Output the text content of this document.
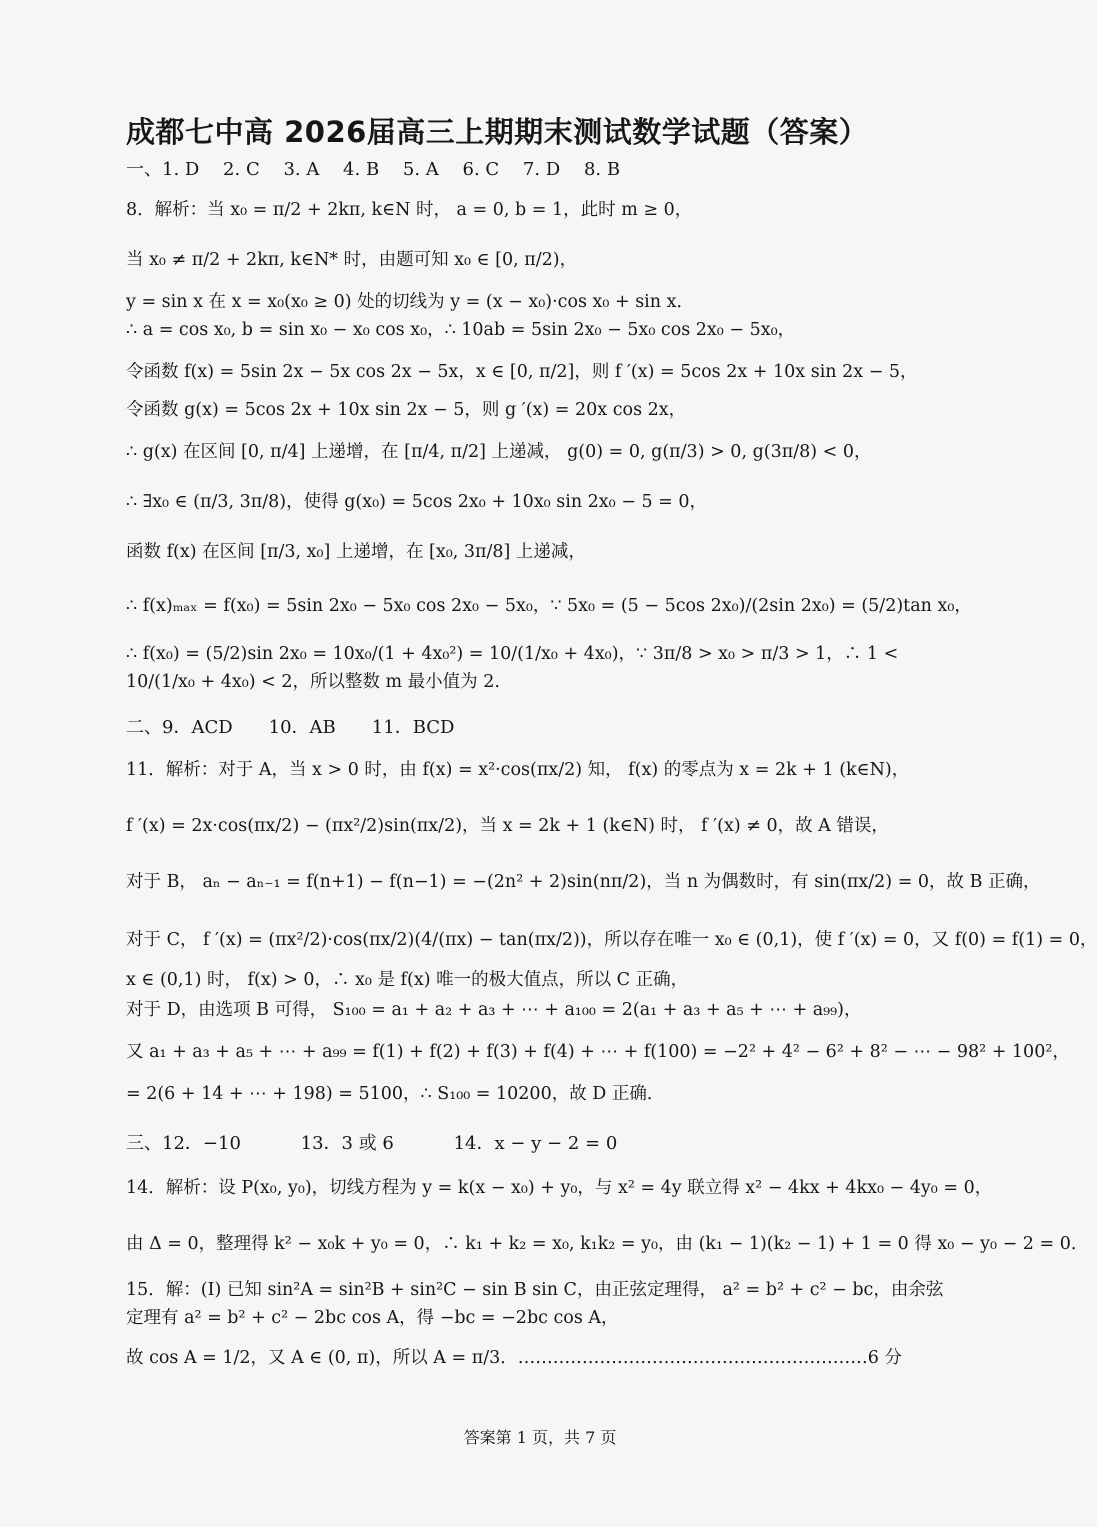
成都七中高 2026届高三上期期末测试数学试题（答案）
一、1. D　 2. C　 3. A　 4. B　 5. A　 6. C　 7. D　 8. B
8．解析：当 x₀ = π/2 + 2kπ, k∈N 时， a = 0, b = 1，此时 m ≥ 0，
当 x₀ ≠ π/2 + 2kπ, k∈N* 时，由题可知 x₀ ∈ [0, π/2)，
y = sin x 在 x = x₀(x₀ ≥ 0) 处的切线为 y = (x − x₀)·cos x₀ + sin x．
∴ a = cos x₀, b = sin x₀ − x₀ cos x₀，∴ 10ab = 5sin 2x₀ − 5x₀ cos 2x₀ − 5x₀，
令函数 f(x) = 5sin 2x − 5x cos 2x − 5x，x ∈ [0, π/2]，则 f ′(x) = 5cos 2x + 10x sin 2x − 5，
令函数 g(x) = 5cos 2x + 10x sin 2x − 5，则 g ′(x) = 20x cos 2x，
∴ g(x) 在区间 [0, π/4] 上递增，在 [π/4, π/2] 上递减， g(0) = 0, g(π/3) > 0, g(3π/8) < 0，
∴ ∃x₀ ∈ (π/3, 3π/8)，使得 g(x₀) = 5cos 2x₀ + 10x₀ sin 2x₀ − 5 = 0，
函数 f(x) 在区间 [π/3, x₀] 上递增，在 [x₀, 3π/8] 上递减，
∴ f(x)ₘₐₓ = f(x₀) = 5sin 2x₀ − 5x₀ cos 2x₀ − 5x₀，∵ 5x₀ = (5 − 5cos 2x₀)/(2sin 2x₀) = (5/2)tan x₀，
∴ f(x₀) = (5/2)sin 2x₀ = 10x₀/(1 + 4x₀²) = 10/(1/x₀ + 4x₀)，∵ 3π/8 > x₀ > π/3 > 1，∴ 1 < 10/(1/x₀ + 4x₀) < 2，所以整数 m 最小值为 2.
二、9．ACD　　10．AB　　11．BCD
11．解析：对于 A，当 x > 0 时，由 f(x) = x²·cos(πx/2) 知， f(x) 的零点为 x = 2k + 1 (k∈N)，
f ′(x) = 2x·cos(πx/2) − (πx²/2)sin(πx/2)，当 x = 2k + 1 (k∈N) 时， f ′(x) ≠ 0，故 A 错误，
对于 B， aₙ − aₙ₋₁ = f(n+1) − f(n−1) = −(2n² + 2)sin(nπ/2)，当 n 为偶数时，有 sin(πx/2) = 0，故 B 正确，
对于 C， f ′(x) = (πx²/2)·cos(πx/2)(4/(πx) − tan(πx/2))，所以存在唯一 x₀ ∈ (0,1)，使 f ′(x) = 0，又 f(0) = f(1) = 0，
x ∈ (0,1) 时， f(x) > 0，∴ x₀ 是 f(x) 唯一的极大值点，所以 C 正确，
对于 D，由选项 B 可得， S₁₀₀ = a₁ + a₂ + a₃ + ⋯ + a₁₀₀ = 2(a₁ + a₃ + a₅ + ⋯ + a₉₉)，
又 a₁ + a₃ + a₅ + ⋯ + a₉₉ = f(1) + f(2) + f(3) + f(4) + ⋯ + f(100) = −2² + 4² − 6² + 8² − ⋯ − 98² + 100²，
= 2(6 + 14 + ⋯ + 198) = 5100，∴ S₁₀₀ = 10200，故 D 正确．
三、12．−10　　　 13．3 或 6　　　 14．x − y − 2 = 0
14．解析：设 P(x₀, y₀)，切线方程为 y = k(x − x₀) + y₀，与 x² = 4y 联立得 x² − 4kx + 4kx₀ − 4y₀ = 0，
由 Δ = 0，整理得 k² − x₀k + y₀ = 0，∴ k₁ + k₂ = x₀, k₁k₂ = y₀，由 (k₁ − 1)(k₂ − 1) + 1 = 0 得 x₀ − y₀ − 2 = 0．
15．解：(I) 已知 sin²A = sin²B + sin²C − sin B sin C，由正弦定理得， a² = b² + c² − bc，由余弦定理有 a² = b² + c² − 2bc cos A，得 −bc = −2bc cos A，
故 cos A = 1/2，又 A ∈ (0, π)，所以 A = π/3．……………………………………………………6 分
答案第 1 页，共 7 页
